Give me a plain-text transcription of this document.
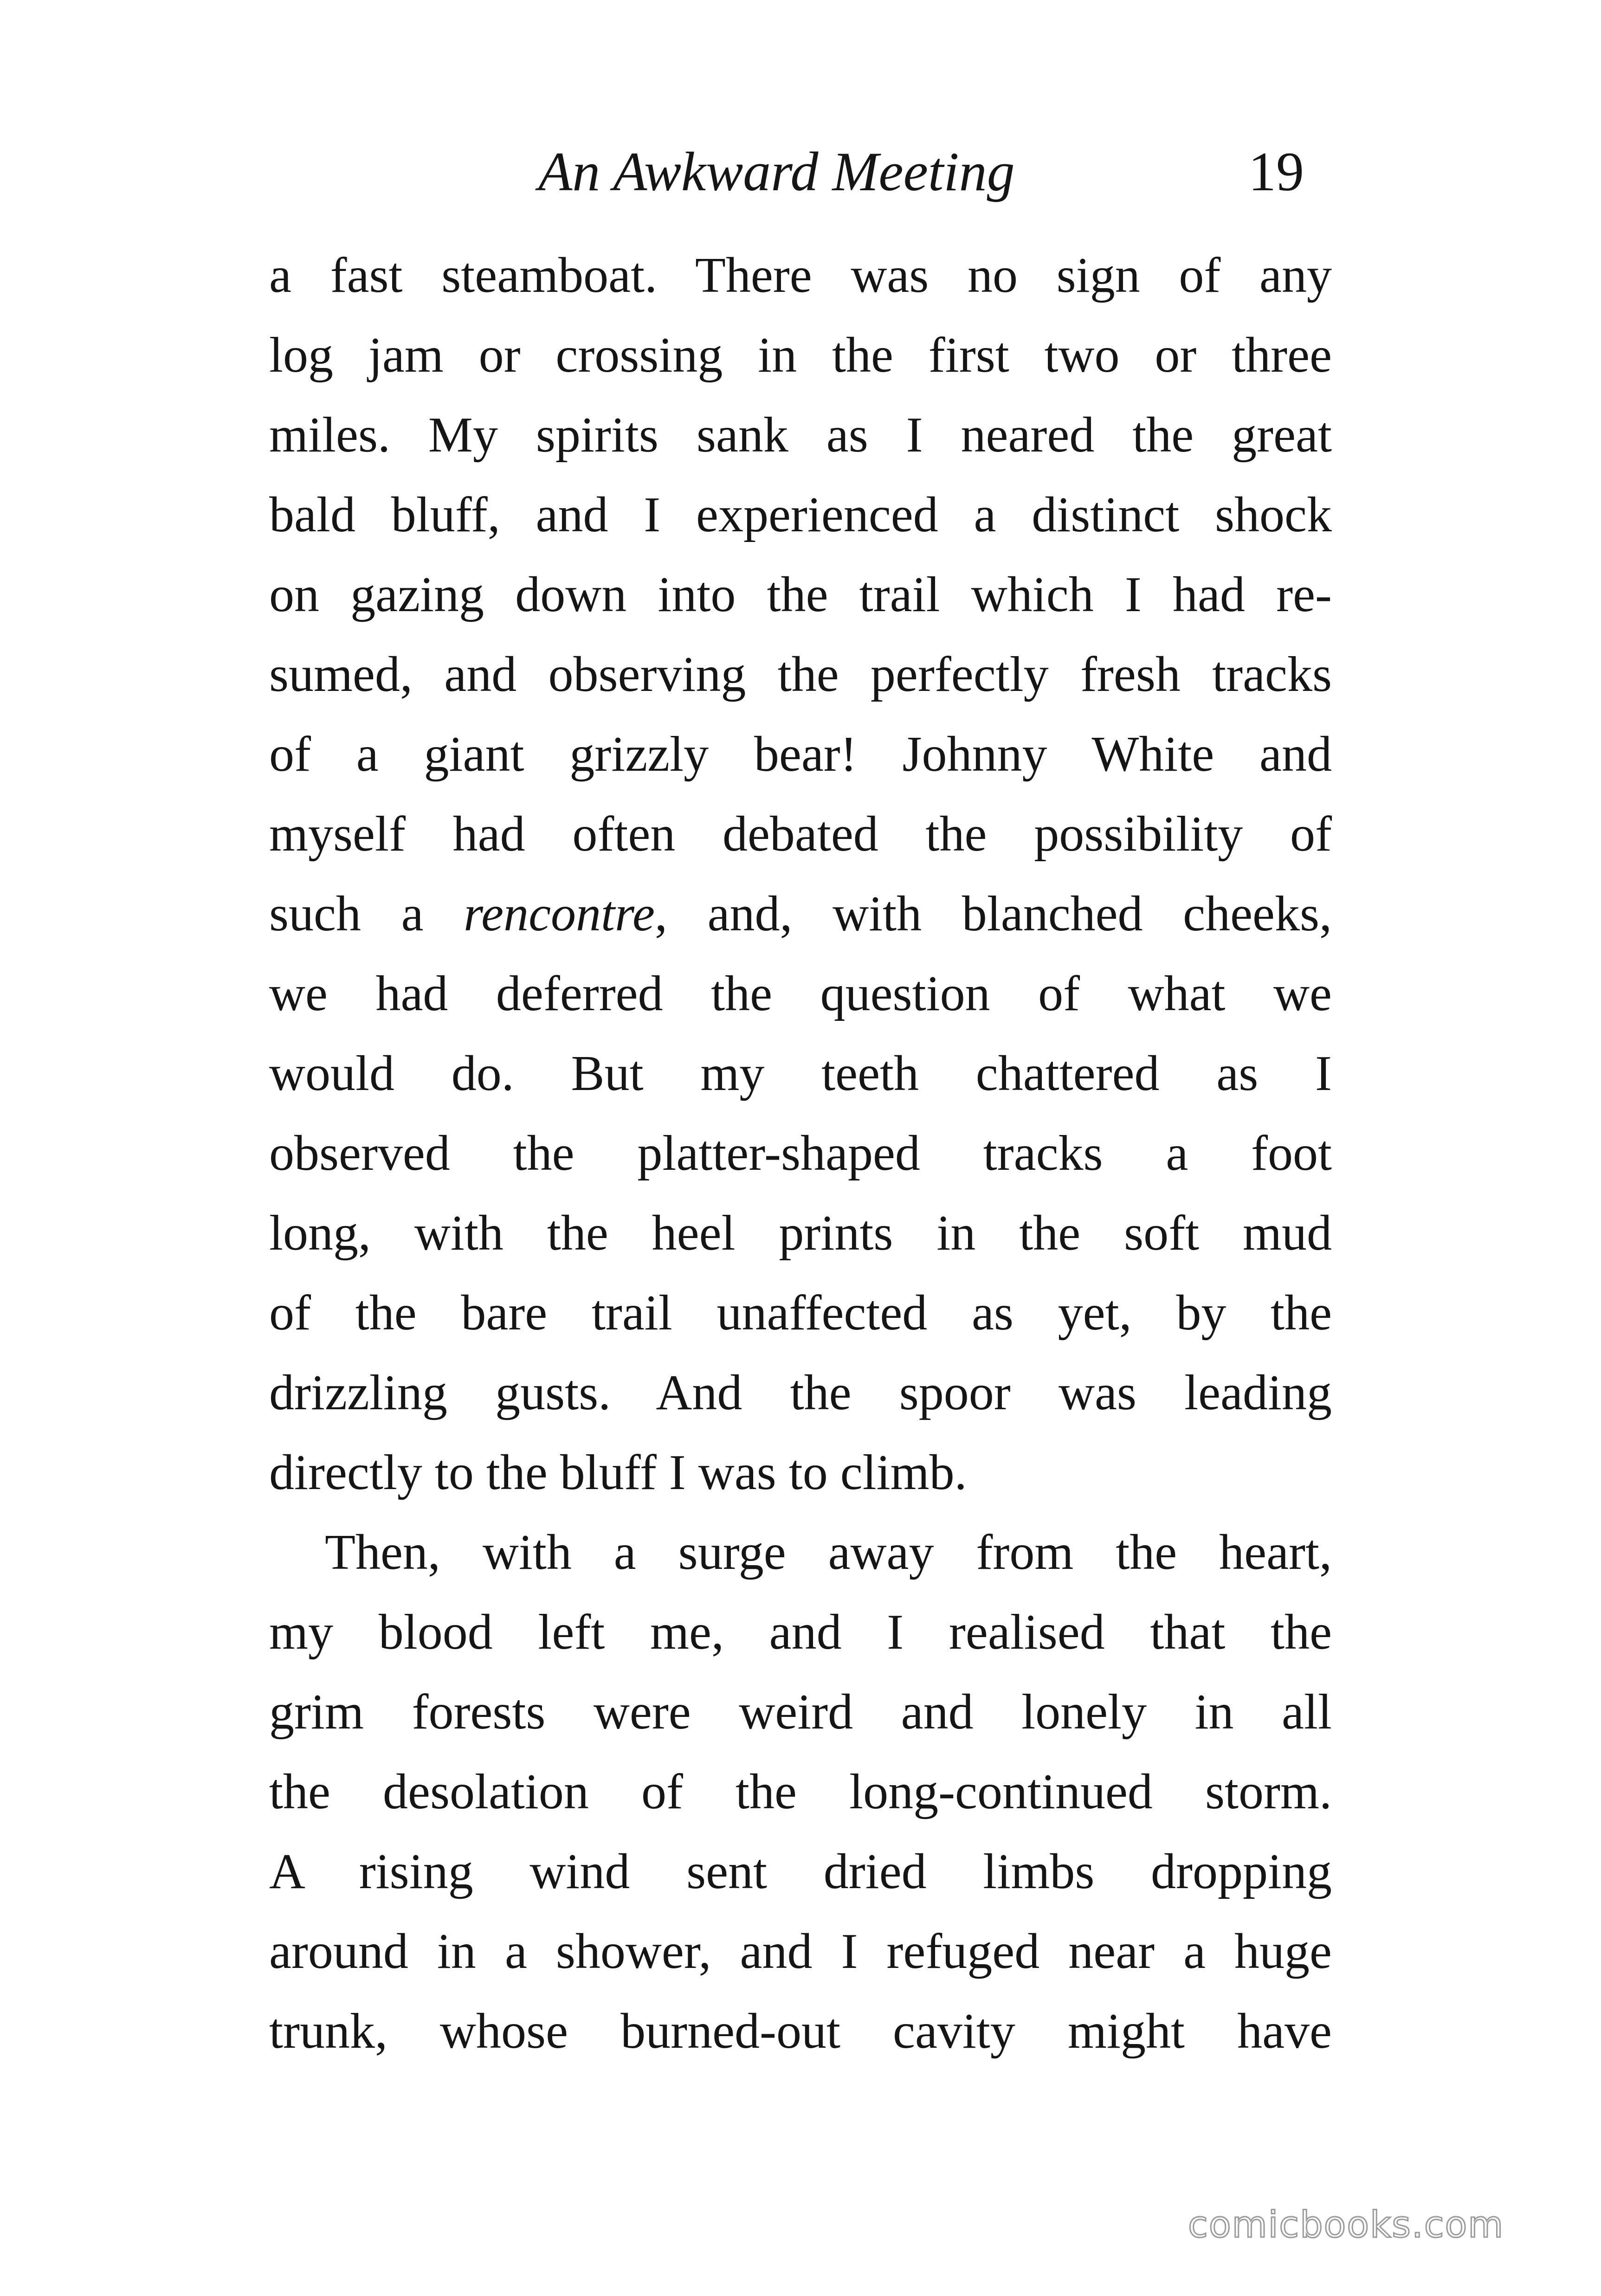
An Awkward Meeting	19
a fast steamboat. There was no sign of any
log jam or crossing in the first two or three
miles. My spirits sank as I neared the great
bald bluff, and I experienced a distinct shock
on gazing down into the trail which I had re-
sumed, and observing the perfectly fresh tracks
of a giant grizzly bear! Johnny White and
myself had often debated the possibility of
such a rencontre, and, with blanched cheeks,
we had deferred the question of what we
would do. But my teeth chattered as I
observed the platter-shaped tracks a foot
long, with the heel prints in the soft mud
of the bare trail unaffected as yet, by the
drizzling gusts. And the spoor was leading
directly to the bluff I was to climb.
Then, with a surge away from the heart,
my blood left me, and I realised that the
grim forests were weird and lonely in all
the desolation of the long-continued storm.
A rising wind sent dried limbs dropping
around in a shower, and I refuged near a huge
trunk, whose burned-out cavity might have
comicbooks.com
